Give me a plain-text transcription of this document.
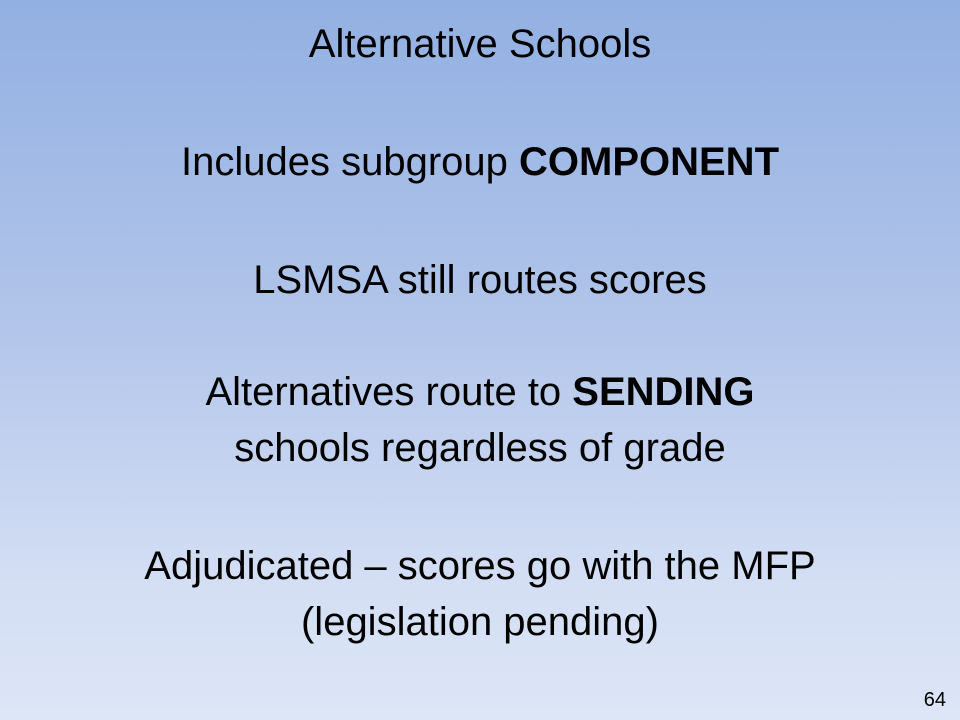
Alternative Schools
Includes subgroup COMPONENT
LSMSA still routes scores
Alternatives route to SENDING
schools regardless of grade
Adjudicated – scores go with the MFP
(legislation pending)
64
